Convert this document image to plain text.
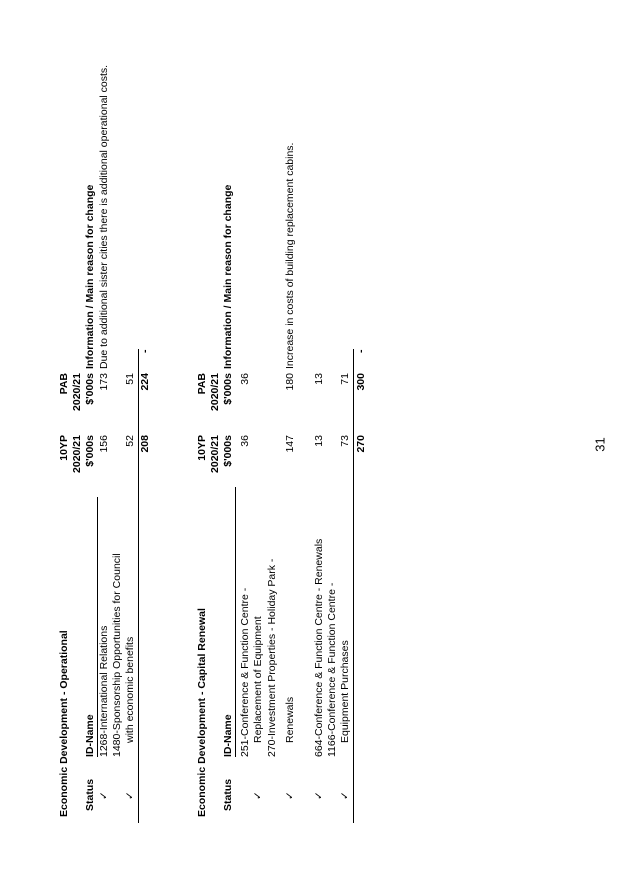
31
Economic Development - Operational
10YP
PAB
2020/21
2020/21
Status
ID-Name
$'000s
$'000s
Information / Main reason for change
✓
1268-International Relations
156
173
Due to additional sister cities there is additional operational costs.
✓
1480-Sponsorship Opportunities for Council with economic benefits
52
51
208
224
-
Economic Development - Capital Renewal
10YP
PAB
2020/21
2020/21
Status
ID-Name
$'000s
$'000s
Information / Main reason for change
✓
251-Conference & Function Centre - Replacement of Equipment
36
36
✓
270-Investment Properties - Holiday Park - Renewals
147
180
Increase in costs of building replacement cabins.
✓
664-Conference & Function Centre - Renewals
13
13
✓
1166-Conference & Function Centre - Equipment Purchases
73
71
270
300
-
